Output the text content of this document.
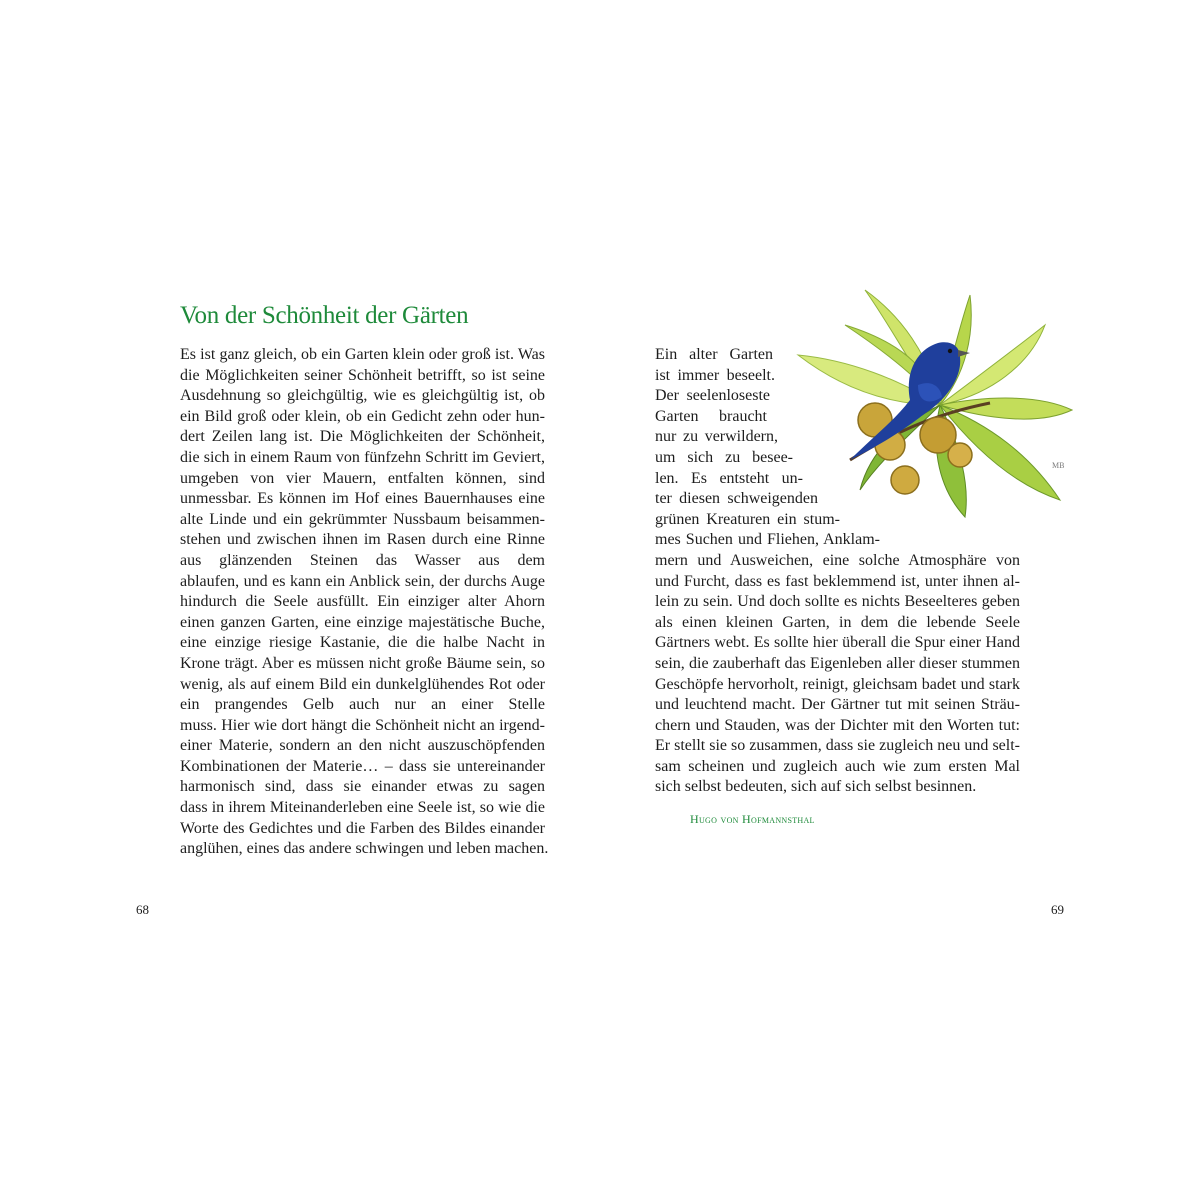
Von der Schönheit der Gärten
Es ist ganz gleich, ob ein Garten klein oder groß ist. Was
die Möglichkeiten seiner Schönheit betrifft, so ist seine
Ausdehnung so gleichgültig, wie es gleichgültig ist, ob
ein Bild groß oder klein, ob ein Gedicht zehn oder hun-
dert Zeilen lang ist. Die Möglichkeiten der Schönheit,
die sich in einem Raum von fünfzehn Schritt im Geviert,
umgeben von vier Mauern, entfalten können, sind
unmessbar. Es können im Hof eines Bauernhauses eine
alte Linde und ein gekrümmter Nussbaum beisammen-
stehen und zwischen ihnen im Rasen durch eine Rinne
aus glänzenden Steinen das Wasser aus dem
ablaufen, und es kann ein Anblick sein, der durchs Auge
hindurch die Seele ausfüllt. Ein einziger alter Ahorn
einen ganzen Garten, eine einzige majestätische Buche,
eine einzige riesige Kastanie, die die halbe Nacht in
Krone trägt. Aber es müssen nicht große Bäume sein, so
wenig, als auf einem Bild ein dunkelglühendes Rot oder
ein prangendes Gelb auch nur an einer Stelle
muss. Hier wie dort hängt die Schönheit nicht an irgend-
einer Materie, sondern an den nicht auszuschöpfenden
Kombinationen der Materie… – dass sie untereinander
harmonisch sind, dass sie einander etwas zu sagen
dass in ihrem Miteinanderleben eine Seele ist, so wie die
Worte des Gedichtes und die Farben des Bildes einander
anglühen, eines das andere schwingen und leben machen.
MB
Ein alter Garten
ist immer beseelt.
Der seelenloseste
Garten braucht
nur zu verwildern,
um sich zu besee-
len. Es entsteht un-
ter diesen schweigenden
grünen Kreaturen ein stum-
mes Suchen und Fliehen, Anklam-
mern und Ausweichen, eine solche Atmosphäre von
und Furcht, dass es fast beklemmend ist, unter ihnen al-
lein zu sein. Und doch sollte es nichts Beseelteres geben
als einen kleinen Garten, in dem die lebende Seele
Gärtners webt. Es sollte hier überall die Spur einer Hand
sein, die zauberhaft das Eigenleben aller dieser stummen
Geschöpfe hervorholt, reinigt, gleichsam badet und stark
und leuchtend macht. Der Gärtner tut mit seinen Sträu-
chern und Stauden, was der Dichter mit den Worten tut:
Er stellt sie so zusammen, dass sie zugleich neu und selt-
sam scheinen und zugleich auch wie zum ersten Mal
sich selbst bedeuten, sich auf sich selbst besinnen.
Hugo von Hofmannsthal
68	69
